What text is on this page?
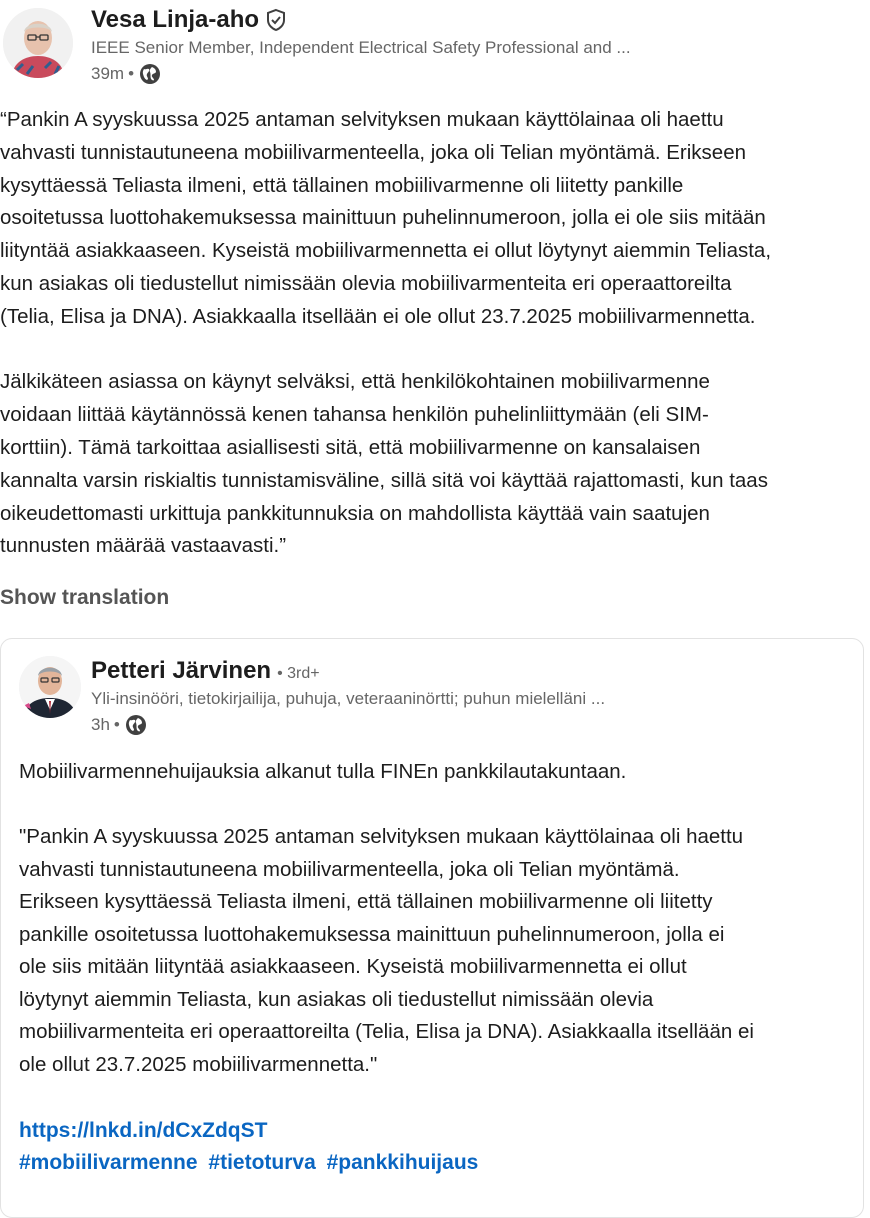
Vesa Linja-aho
IEEE Senior Member, Independent Electrical Safety Professional and ...
39m •

“Pankin A syyskuussa 2025 antaman selvityksen mukaan käyttölainaa oli haettu
vahvasti tunnistautuneena mobiilivarmenteella, joka oli Telian myöntämä. Erikseen
kysyttäessä Teliasta ilmeni, että tällainen mobiilivarmenne oli liitetty pankille
osoitetussa luottohakemuksessa mainittuun puhelinnumeroon, jolla ei ole siis mitään
liityntää asiakkaaseen. Kyseistä mobiilivarmennetta ei ollut löytynyt aiemmin Teliasta,
kun asiakas oli tiedustellut nimissään olevia mobiilivarmenteita eri operaattoreilta
(Telia, Elisa ja DNA). Asiakkaalla itsellään ei ole ollut 23.7.2025 mobiilivarmennetta.

Jälkikäteen asiassa on käynyt selväksi, että henkilökohtainen mobiilivarmenne
voidaan liittää käytännössä kenen tahansa henkilön puhelinliittymään (eli SIM-
korttiin). Tämä tarkoittaa asiallisesti sitä, että mobiilivarmenne on kansalaisen
kannalta varsin riskialtis tunnistamisväline, sillä sitä voi käyttää rajattomasti, kun taas
oikeudettomasti urkittuja pankkitunnuksia on mahdollista käyttää vain saatujen
tunnusten määrää vastaavasti.”

Show translation
Petteri Järvinen • 3rd+
Yli-insinööri, tietokirjailija, puhuja, veteraaninörtti; puhun mielelläni ...
3h •

Mobiilivarmennehuijauksia alkanut tulla FINEn pankkilautakuntaan.

"Pankin A syyskuussa 2025 antaman selvityksen mukaan käyttölainaa oli haettu
vahvasti tunnistautuneena mobiilivarmenteella, joka oli Telian myöntämä.
Erikseen kysyttäessä Teliasta ilmeni, että tällainen mobiilivarmenne oli liitetty
pankille osoitetussa luottohakemuksessa mainittuun puhelinnumeroon, jolla ei
ole siis mitään liityntää asiakkaaseen. Kyseistä mobiilivarmennetta ei ollut
löytynyt aiemmin Teliasta, kun asiakas oli tiedustellut nimissään olevia
mobiilivarmenteita eri operaattoreilta (Telia, Elisa ja DNA). Asiakkaalla itsellään ei
ole ollut 23.7.2025 mobiilivarmennetta."

https://lnkd.in/dCxZdqST
#mobiilivarmenne #tietoturva #pankkihuijaus
